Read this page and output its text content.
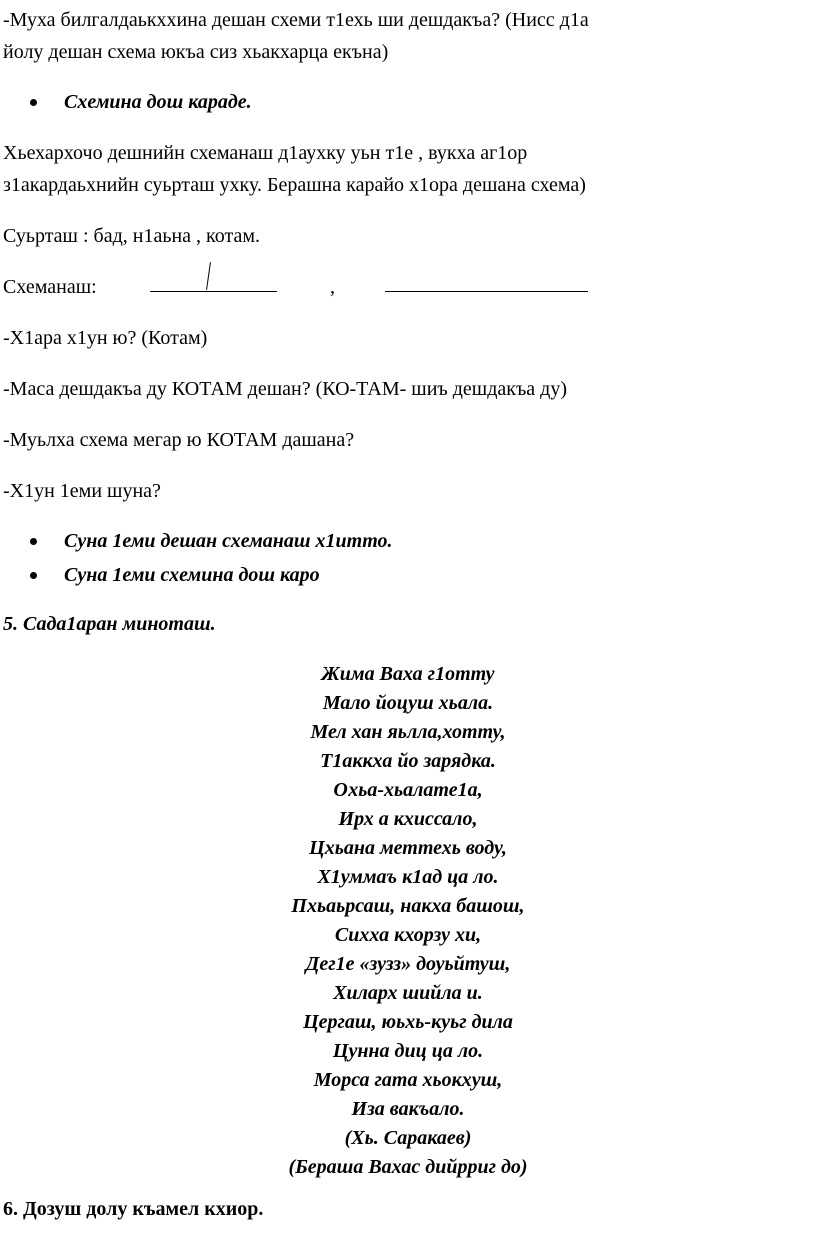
-Муха билгалдаькххина дешан схеми т1ехь ши дешдакъа? (Нисс д1а
йолу дешан схема юкъа сиз хьакхарца екъна)
Схемина дош караде.
Хьехархочо дешнийн схеманаш д1аухку уьн т1е , вукха аг1ор
з1акардаьхнийн суьрташ ухку. Берашна карайо х1ора дешана схема)
Суьрташ : бад, н1аьна , котам.
Схеманаш:	,
-Х1ара х1ун ю? (Котам)
-Маса дешдакъа ду КОТАМ дешан? (КО-ТАМ- шиъ дешдакъа ду)
-Муьлха схема мегар ю КОТАМ дашана?
-Х1ун 1еми шуна?
Суна 1еми дешан схеманаш х1итто.
Суна 1еми схемина дош каро
5. Сада1аран миноташ.
Жима Ваха г1отту
Мало йоцуш хьала.
Мел хан яьлла,хотту,
Т1аккха йо зарядка.
Охьа-хьалате1а,
Ирх а кхиссало,
Цхьана меттехь воду,
Х1уммаъ к1ад ца ло.
Пхьаьрсаш, накха башош,
Сихха кхорзу хи,
Дег1е «зузз» доуьйтуш,
Хиларх шийла и.
Цергаш, юьхь-куьг дила
Цунна диц ца ло.
Морса гата хьокхуш,
Иза вакъало.
(Хь. Саракаев)
(Бераша Вахас дийрриг до)
6. Дозуш долу къамел кхиор.
